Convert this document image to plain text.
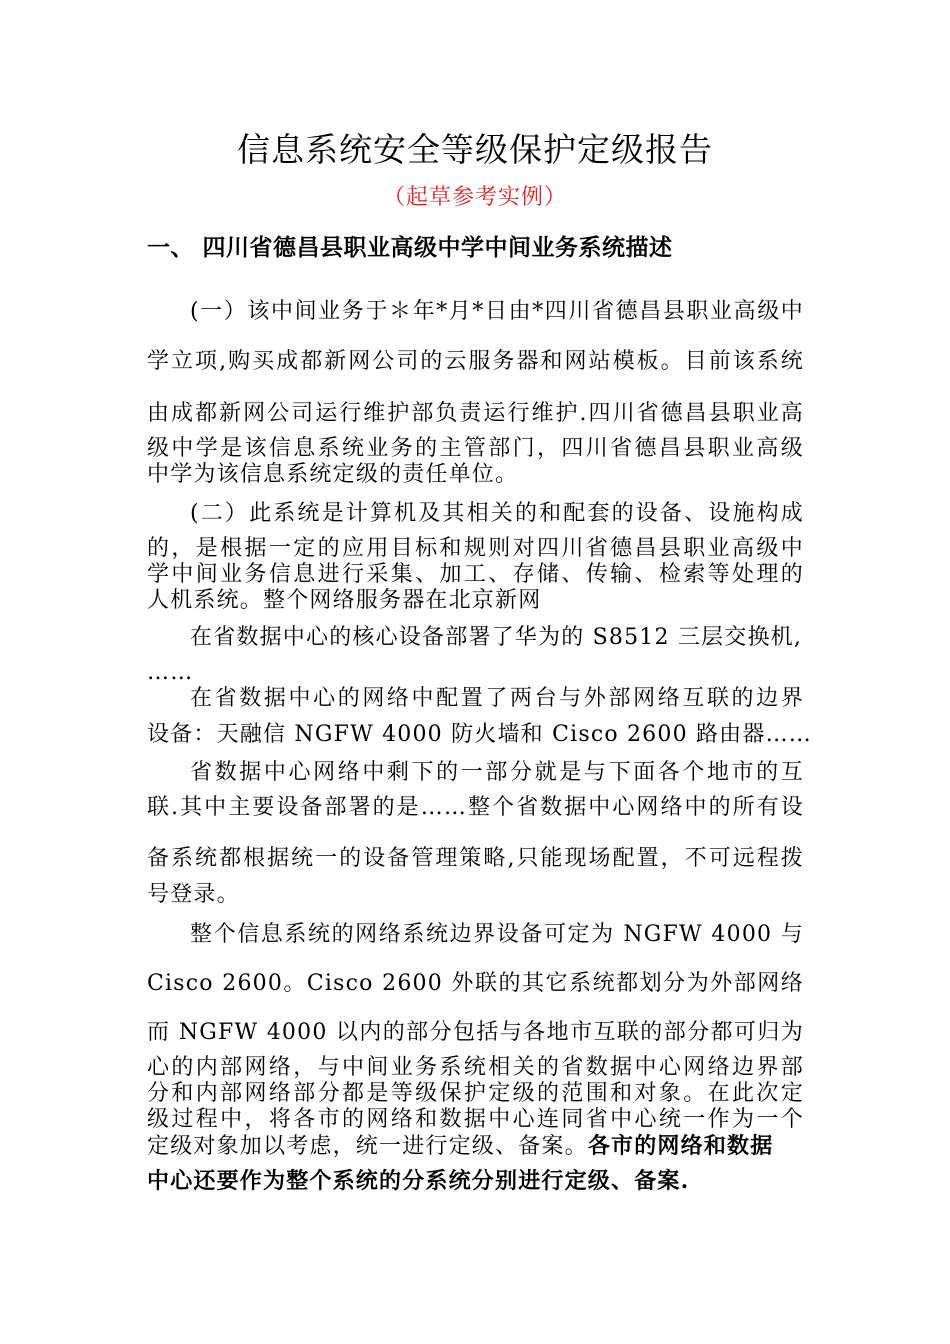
信息系统安全等级保护定级报告
（起草参考实例）
一、 四川省德昌县职业高级中学中间业务系统描述
(一）该中间业务于＊年*月*日由*四川省德昌县职业高级中
学立项,购买成都新网公司的云服务器和网站模板。目前该系统
由成都新网公司运行维护部负责运行维护.四川省德昌县职业高
级中学是该信息系统业务的主管部门，四川省德昌县职业高级
中学为该信息系统定级的责任单位。
(二）此系统是计算机及其相关的和配套的设备、设施构成
的，是根据一定的应用目标和规则对四川省德昌县职业高级中
学中间业务信息进行采集、加工、存储、传输、检索等处理的
人机系统。整个网络服务器在北京新网
在省数据中心的核心设备部署了华为的 S8512 三层交换机,
……
在省数据中心的网络中配置了两台与外部网络互联的边界
设备：天融信 NGFW 4000 防火墙和 Cisco 2600 路由器……
省数据中心网络中剩下的一部分就是与下面各个地市的互
联.其中主要设备部署的是……整个省数据中心网络中的所有设
备系统都根据统一的设备管理策略,只能现场配置，不可远程拨
号登录。
整个信息系统的网络系统边界设备可定为 NGFW 4000 与
Cisco 2600。Cisco 2600 外联的其它系统都划分为外部网络
而 NGFW 4000 以内的部分包括与各地市互联的部分都可归为
心的内部网络，与中间业务系统相关的省数据中心网络边界部
分和内部网络部分都是等级保护定级的范围和对象。在此次定
级过程中，将各市的网络和数据中心连同省中心统一作为一个
定级对象加以考虑，统一进行定级、备案。各市的网络和数据
中心还要作为整个系统的分系统分别进行定级、备案.
